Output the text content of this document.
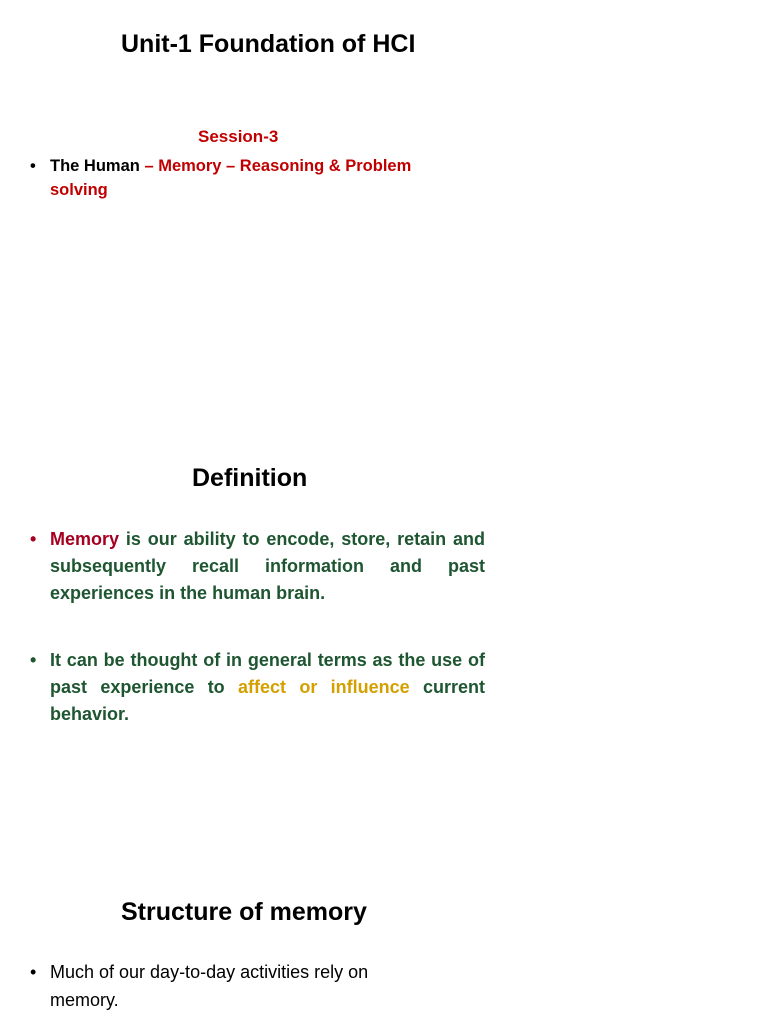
Unit-1 Foundation of HCI
Session-3
• The Human – Memory – Reasoning & Problem solving
Definition
• Memory is our ability to encode, store, retain and subsequently recall information and past experiences in the human brain.
• It can be thought of in general terms as the use of past experience to affect or influence current behavior.
Structure of memory
• Much of our day-to-day activities rely on memory.
